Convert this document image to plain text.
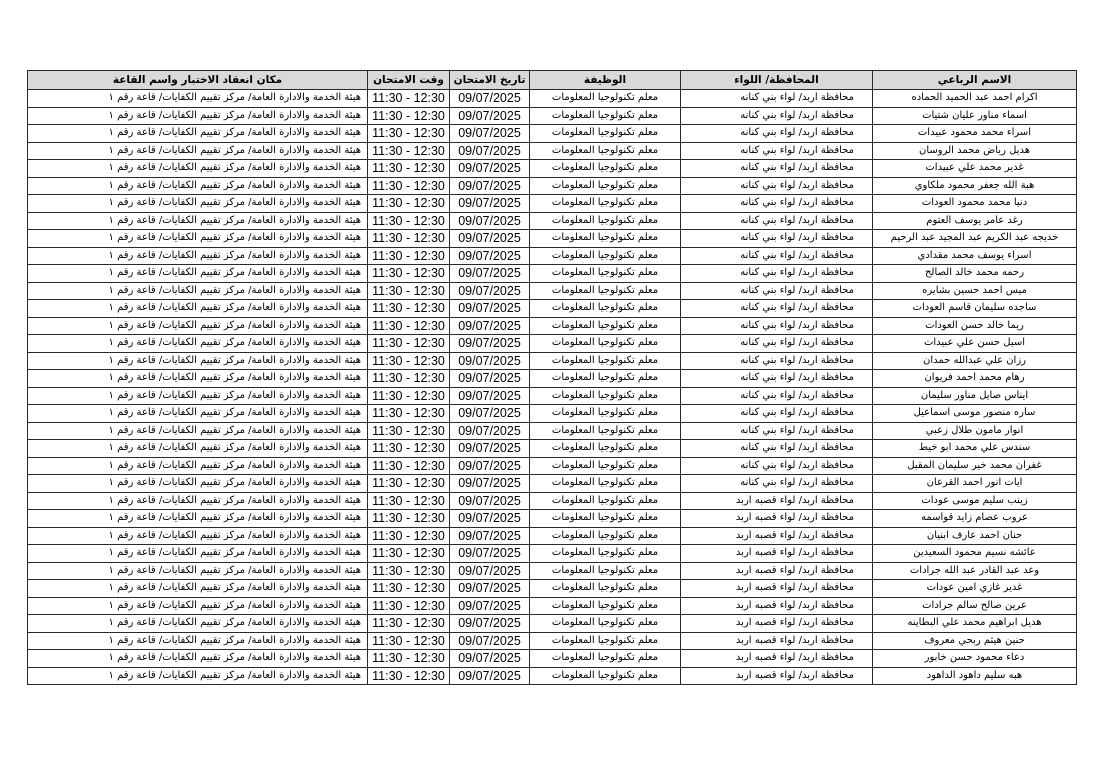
الاسم الرباعي	المحافظة/ اللواء	الوظيفة	تاريخ الامتحان	وقت الامتحان	مكان انعقاد الاختبار واسم القاعة
اكرام احمد عبد الحميد الحماده	محافظة اربد/ لواء بني كنانه	معلم تكنولوجيا المعلومات	09/07/2025	11:30 - 12:30	هيئة الخدمة والادارة العامة/ مركز تقييم الكفايات/ قاعة رقم ١
اسماء مناور عليان شتيات	محافظة اربد/ لواء بني كنانه	معلم تكنولوجيا المعلومات	09/07/2025	11:30 - 12:30	هيئة الخدمة والادارة العامة/ مركز تقييم الكفايات/ قاعة رقم ١
اسراء محمد محمود عبيدات	محافظة اربد/ لواء بني كنانه	معلم تكنولوجيا المعلومات	09/07/2025	11:30 - 12:30	هيئة الخدمة والادارة العامة/ مركز تقييم الكفايات/ قاعة رقم ١
هديل رياض محمد الروسان	محافظة اربد/ لواء بني كنانه	معلم تكنولوجيا المعلومات	09/07/2025	11:30 - 12:30	هيئة الخدمة والادارة العامة/ مركز تقييم الكفايات/ قاعة رقم ١
غدير محمد علي عبيدات	محافظة اربد/ لواء بني كنانه	معلم تكنولوجيا المعلومات	09/07/2025	11:30 - 12:30	هيئة الخدمة والادارة العامة/ مركز تقييم الكفايات/ قاعة رقم ١
هبة الله جعفر محمود ملكاوي	محافظة اربد/ لواء بني كنانه	معلم تكنولوجيا المعلومات	09/07/2025	11:30 - 12:30	هيئة الخدمة والادارة العامة/ مركز تقييم الكفايات/ قاعة رقم ١
دنيا محمد محمود العودات	محافظة اربد/ لواء بني كنانه	معلم تكنولوجيا المعلومات	09/07/2025	11:30 - 12:30	هيئة الخدمة والادارة العامة/ مركز تقييم الكفايات/ قاعة رقم ١
رغد عامر يوسف العتوم	محافظة اربد/ لواء بني كنانه	معلم تكنولوجيا المعلومات	09/07/2025	11:30 - 12:30	هيئة الخدمة والادارة العامة/ مركز تقييم الكفايات/ قاعة رقم ١
خديجه عبد الكريم عبد المجيد عبد الرحيم	محافظة اربد/ لواء بني كنانه	معلم تكنولوجيا المعلومات	09/07/2025	11:30 - 12:30	هيئة الخدمة والادارة العامة/ مركز تقييم الكفايات/ قاعة رقم ١
اسراء يوسف محمد مقدادي	محافظة اربد/ لواء بني كنانه	معلم تكنولوجيا المعلومات	09/07/2025	11:30 - 12:30	هيئة الخدمة والادارة العامة/ مركز تقييم الكفايات/ قاعة رقم ١
رحمه محمد خالد الصالح	محافظة اربد/ لواء بني كنانه	معلم تكنولوجيا المعلومات	09/07/2025	11:30 - 12:30	هيئة الخدمة والادارة العامة/ مركز تقييم الكفايات/ قاعة رقم ١
ميس احمد حسين بشايره	محافظة اربد/ لواء بني كنانه	معلم تكنولوجيا المعلومات	09/07/2025	11:30 - 12:30	هيئة الخدمة والادارة العامة/ مركز تقييم الكفايات/ قاعة رقم ١
ساجده سليمان قاسم العودات	محافظة اربد/ لواء بني كنانه	معلم تكنولوجيا المعلومات	09/07/2025	11:30 - 12:30	هيئة الخدمة والادارة العامة/ مركز تقييم الكفايات/ قاعة رقم ١
ريما خالد حسن العودات	محافظة اربد/ لواء بني كنانه	معلم تكنولوجيا المعلومات	09/07/2025	11:30 - 12:30	هيئة الخدمة والادارة العامة/ مركز تقييم الكفايات/ قاعة رقم ١
اسيل حسن علي عبيدات	محافظة اربد/ لواء بني كنانه	معلم تكنولوجيا المعلومات	09/07/2025	11:30 - 12:30	هيئة الخدمة والادارة العامة/ مركز تقييم الكفايات/ قاعة رقم ١
رزان علي عبدالله حمدان	محافظة اربد/ لواء بني كنانه	معلم تكنولوجيا المعلومات	09/07/2025	11:30 - 12:30	هيئة الخدمة والادارة العامة/ مركز تقييم الكفايات/ قاعة رقم ١
رهام محمد احمد فريوان	محافظة اربد/ لواء بني كنانه	معلم تكنولوجيا المعلومات	09/07/2025	11:30 - 12:30	هيئة الخدمة والادارة العامة/ مركز تقييم الكفايات/ قاعة رقم ١
ايناس صايل مناور سليمان	محافظة اربد/ لواء بني كنانه	معلم تكنولوجيا المعلومات	09/07/2025	11:30 - 12:30	هيئة الخدمة والادارة العامة/ مركز تقييم الكفايات/ قاعة رقم ١
ساره منصور موسى اسماعيل	محافظة اربد/ لواء بني كنانه	معلم تكنولوجيا المعلومات	09/07/2025	11:30 - 12:30	هيئة الخدمة والادارة العامة/ مركز تقييم الكفايات/ قاعة رقم ١
انوار مامون طلال زعبي	محافظة اربد/ لواء بني كنانه	معلم تكنولوجيا المعلومات	09/07/2025	11:30 - 12:30	هيئة الخدمة والادارة العامة/ مركز تقييم الكفايات/ قاعة رقم ١
سندس علي محمد ابو خيط	محافظة اربد/ لواء بني كنانه	معلم تكنولوجيا المعلومات	09/07/2025	11:30 - 12:30	هيئة الخدمة والادارة العامة/ مركز تقييم الكفايات/ قاعة رقم ١
غفران محمد خير سليمان المقبل	محافظة اربد/ لواء بني كنانه	معلم تكنولوجيا المعلومات	09/07/2025	11:30 - 12:30	هيئة الخدمة والادارة العامة/ مركز تقييم الكفايات/ قاعة رقم ١
ايات انور احمد القرعان	محافظة اربد/ لواء بني كنانه	معلم تكنولوجيا المعلومات	09/07/2025	11:30 - 12:30	هيئة الخدمة والادارة العامة/ مركز تقييم الكفايات/ قاعة رقم ١
زينب سليم موسى عودات	محافظة اربد/ لواء قصبه اربد	معلم تكنولوجيا المعلومات	09/07/2025	11:30 - 12:30	هيئة الخدمة والادارة العامة/ مركز تقييم الكفايات/ قاعة رقم ١
عروب عصام زايد قواسمه	محافظة اربد/ لواء قصبه اربد	معلم تكنولوجيا المعلومات	09/07/2025	11:30 - 12:30	هيئة الخدمة والادارة العامة/ مركز تقييم الكفايات/ قاعة رقم ١
حنان احمد عارف ابنيان	محافظة اربد/ لواء قصبه اربد	معلم تكنولوجيا المعلومات	09/07/2025	11:30 - 12:30	هيئة الخدمة والادارة العامة/ مركز تقييم الكفايات/ قاعة رقم ١
عائشه نسيم محمود السعيدين	محافظة اربد/ لواء قصبه اربد	معلم تكنولوجيا المعلومات	09/07/2025	11:30 - 12:30	هيئة الخدمة والادارة العامة/ مركز تقييم الكفايات/ قاعة رقم ١
وعد عبد القادر عبد الله جرادات	محافظة اربد/ لواء قصبه اربد	معلم تكنولوجيا المعلومات	09/07/2025	11:30 - 12:30	هيئة الخدمة والادارة العامة/ مركز تقييم الكفايات/ قاعة رقم ١
غدير غازي امين عودات	محافظة اربد/ لواء قصبه اربد	معلم تكنولوجيا المعلومات	09/07/2025	11:30 - 12:30	هيئة الخدمة والادارة العامة/ مركز تقييم الكفايات/ قاعة رقم ١
عرين صالح سالم جرادات	محافظة اربد/ لواء قصبه اربد	معلم تكنولوجيا المعلومات	09/07/2025	11:30 - 12:30	هيئة الخدمة والادارة العامة/ مركز تقييم الكفايات/ قاعة رقم ١
هديل ابراهيم محمد علي البطاينه	محافظة اربد/ لواء قصبه اربد	معلم تكنولوجيا المعلومات	09/07/2025	11:30 - 12:30	هيئة الخدمة والادارة العامة/ مركز تقييم الكفايات/ قاعة رقم ١
حنين هيثم ربحي معروف	محافظة اربد/ لواء قصبه اربد	معلم تكنولوجيا المعلومات	09/07/2025	11:30 - 12:30	هيئة الخدمة والادارة العامة/ مركز تقييم الكفايات/ قاعة رقم ١
دعاء محمود حسن خابور	محافظة اربد/ لواء قصبه اربد	معلم تكنولوجيا المعلومات	09/07/2025	11:30 - 12:30	هيئة الخدمة والادارة العامة/ مركز تقييم الكفايات/ قاعة رقم ١
هبه سليم داهود الداهود	محافظة اربد/ لواء قصبه اربد	معلم تكنولوجيا المعلومات	09/07/2025	11:30 - 12:30	هيئة الخدمة والادارة العامة/ مركز تقييم الكفايات/ قاعة رقم ١
